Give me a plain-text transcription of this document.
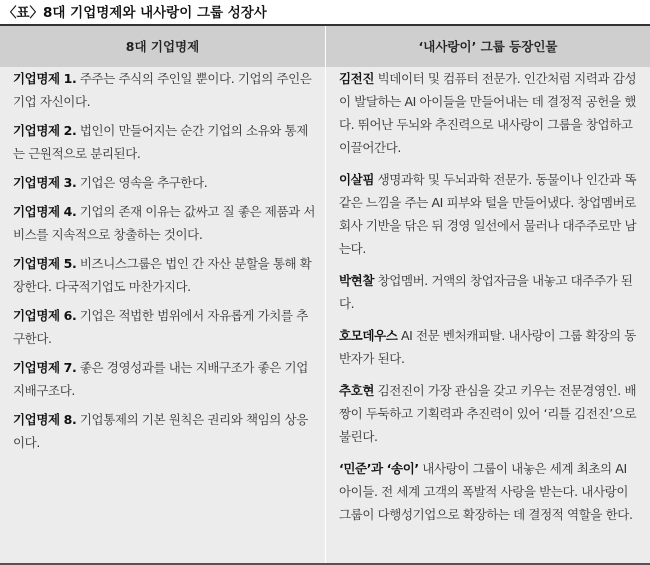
〈표〉8대 기업명제와 내사랑이 그룹 성장사
8대 기업명제	‘내사랑이’ 그룹 등장인물

기업명제 1. 주주는 주식의 주인일 뿐이다. 기업의 주인은 기업 자신이다.

기업명제 2. 법인이 만들어지는 순간 기업의 소유와 통제는 근원적으로 분리된다.

기업명제 3. 기업은 영속을 추구한다.

기업명제 4. 기업의 존재 이유는 값싸고 질 좋은 제품과 서비스를 지속적으로 창출하는 것이다.

기업명제 5. 비즈니스그룹은 법인 간 자산 분할을 통해 확장한다. 다국적기업도 마찬가지다.

기업명제 6. 기업은 적법한 범위에서 자유롭게 가치를 추구한다.

기업명제 7. 좋은 경영성과를 내는 지배구조가 좋은 기업지배구조다.

기업명제 8. 기업통제의 기본 원칙은 권리와 책임의 상응이다.

김전진 빅데이터 및 컴퓨터 전문가. 인간처럼 지력과 감성이 발달하는 AI 아이들을 만들어내는 데 결정적 공헌을 했다. 뛰어난 두뇌와 추진력으로 내사랑이 그룹을 창업하고 이끌어간다.

이살핌 생명과학 및 두뇌과학 전문가. 동물이나 인간과 똑같은 느낌을 주는 AI 피부와 털을 만들어냈다. 창업멤버로 회사 기반을 닦은 뒤 경영 일선에서 물러나 대주주로만 남는다.

박현찰 창업멤버. 거액의 창업자금을 내놓고 대주주가 된다.

호모데우스 AI 전문 벤처캐피탈. 내사랑이 그룹 확장의 동반자가 된다.

추호현 김전진이 가장 관심을 갖고 키우는 전문경영인. 배짱이 두둑하고 기획력과 추진력이 있어 ‘리틀 김전진’으로 불린다.

‘민준’과 ‘송이’ 내사랑이 그룹이 내놓은 세계 최초의 AI 아이들. 전 세계 고객의 폭발적 사랑을 받는다. 내사랑이 그룹이 다행성기업으로 확장하는 데 결정적 역할을 한다.
